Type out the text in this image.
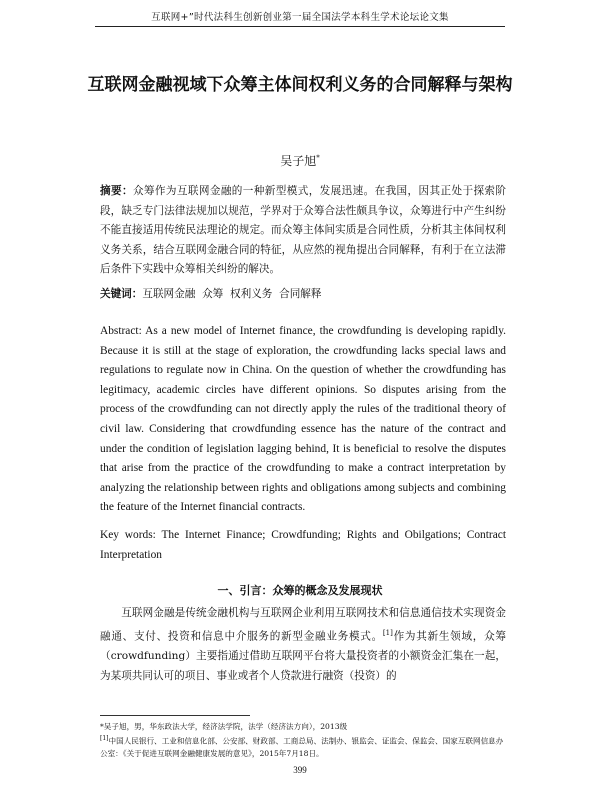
互联网+”时代法科生创新创业第一届全国法学本科生学术论坛论文集
互联网金融视域下众筹主体间权利义务的合同解释与架构
吴子旭*
摘要：众筹作为互联网金融的一种新型模式，发展迅速。在我国，因其正处于探索阶段，缺乏专门法律法规加以规范，学界对于众筹合法性颇具争议，众筹进行中产生纠纷不能直接适用传统民法理论的规定。而众筹主体间实质是合同性质，分析其主体间权利义务关系，结合互联网金融合同的特征，从应然的视角提出合同解释，有利于在立法滞后条件下实践中众筹相关纠纷的解决。
关键词：互联网金融  众筹  权利义务  合同解释
Abstract: As a new model of Internet finance, the crowdfunding is developing rapidly. Because it is still at the stage of exploration, the crowdfunding lacks special laws and regulations to regulate now in China. On the question of whether the crowdfunding has legitimacy, academic circles have different opinions. So disputes arising from the process of the crowdfunding can not directly apply the rules of the traditional theory of civil law. Considering that crowdfunding essence has the nature of the contract and under the condition of legislation lagging behind, It is beneficial to resolve the disputes that arise from the practice of the crowdfunding to make a contract interpretation by analyzing the relationship between rights and obligations among subjects and combining the feature of the Internet financial contracts.
Key words: The Internet Finance; Crowdfunding; Rights and Obilgations; Contract Interpretation
一、引言：众筹的概念及发展现状
互联网金融是传统金融机构与互联网企业利用互联网技术和信息通信技术实现资金融通、支付、投资和信息中介服务的新型金融业务模式。[1]作为其新生领域，众筹（crowdfunding）主要指通过借助互联网平台将大量投资者的小额资金汇集在一起，为某项共同认可的项目、事业或者个人贷款进行融资（投资）的
*吴子旭，男，华东政法大学，经济法学院，法学（经济法方向），2013级
[1]中国人民银行、工业和信息化部、公安部、财政部、工商总局、法制办、银监会、证监会、保监会、国家互联网信息办公室：《关于促进互联网金融健康发展的意见》，2015年7月18日。
399
